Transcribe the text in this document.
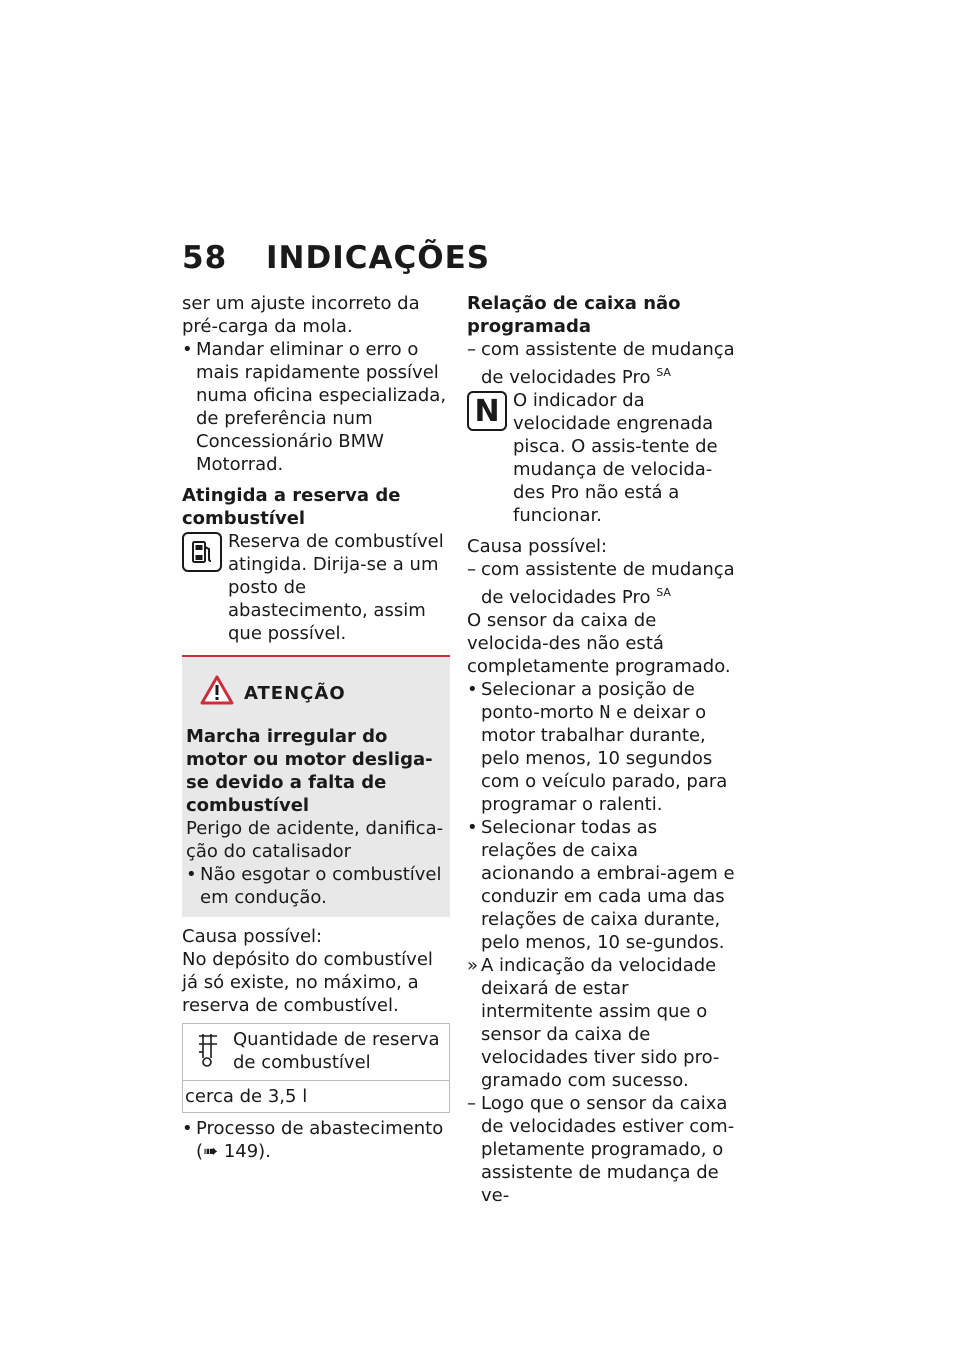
58 INDICAÇÕES

ser um ajuste incorreto da pré-carga da mola.

• Mandar eliminar o erro o mais rapidamente possível numa oficina especializada, de preferência num Concessionário BMW Motorrad.

Atingida a reserva de combustível

Reserva de combustível atingida. Dirija-se a um posto de abastecimento, assim que possível.
ATENÇÃO

Marcha irregular do motor ou motor desliga-se devido a falta de combustível

Perigo de acidente, danifica-ção do catalisador

• Não esgotar o combustível em condução.

Causa possível:

No depósito do combustível já só existe, no máximo, a reserva de combustível.

Quantidade de reserva de combustível
cerca de 3,5 l
• Processo de abastecimento
(➠ 149).

Relação de caixa não programada

– com assistente de mudança de velocidades Pro $^{SA}$
N O indicador da velocidade engrenada pisca. O assis-tente de mudança de velocida-des Pro não está a funcionar.

Causa possível:

– com assistente de mudança de velocidades Pro $^{SA}$

O sensor da caixa de velocida-des não está completamente programado.

• Selecionar a posição de ponto-morto N e deixar o motor trabalhar durante, pelo menos, 10 segundos com o veículo parado, para programar o ralenti.
• Selecionar todas as relações de caixa acionando a embrai-agem e conduzir em cada uma das relações de caixa durante, pelo menos, 10 se-gundos.
» A indicação da velocidade deixará de estar intermitente assim que o sensor da caixa de velocidades tiver sido pro-gramado com sucesso.
– Logo que o sensor da caixa de velocidades estiver com-pletamente programado, o assistente de mudança de ve-
